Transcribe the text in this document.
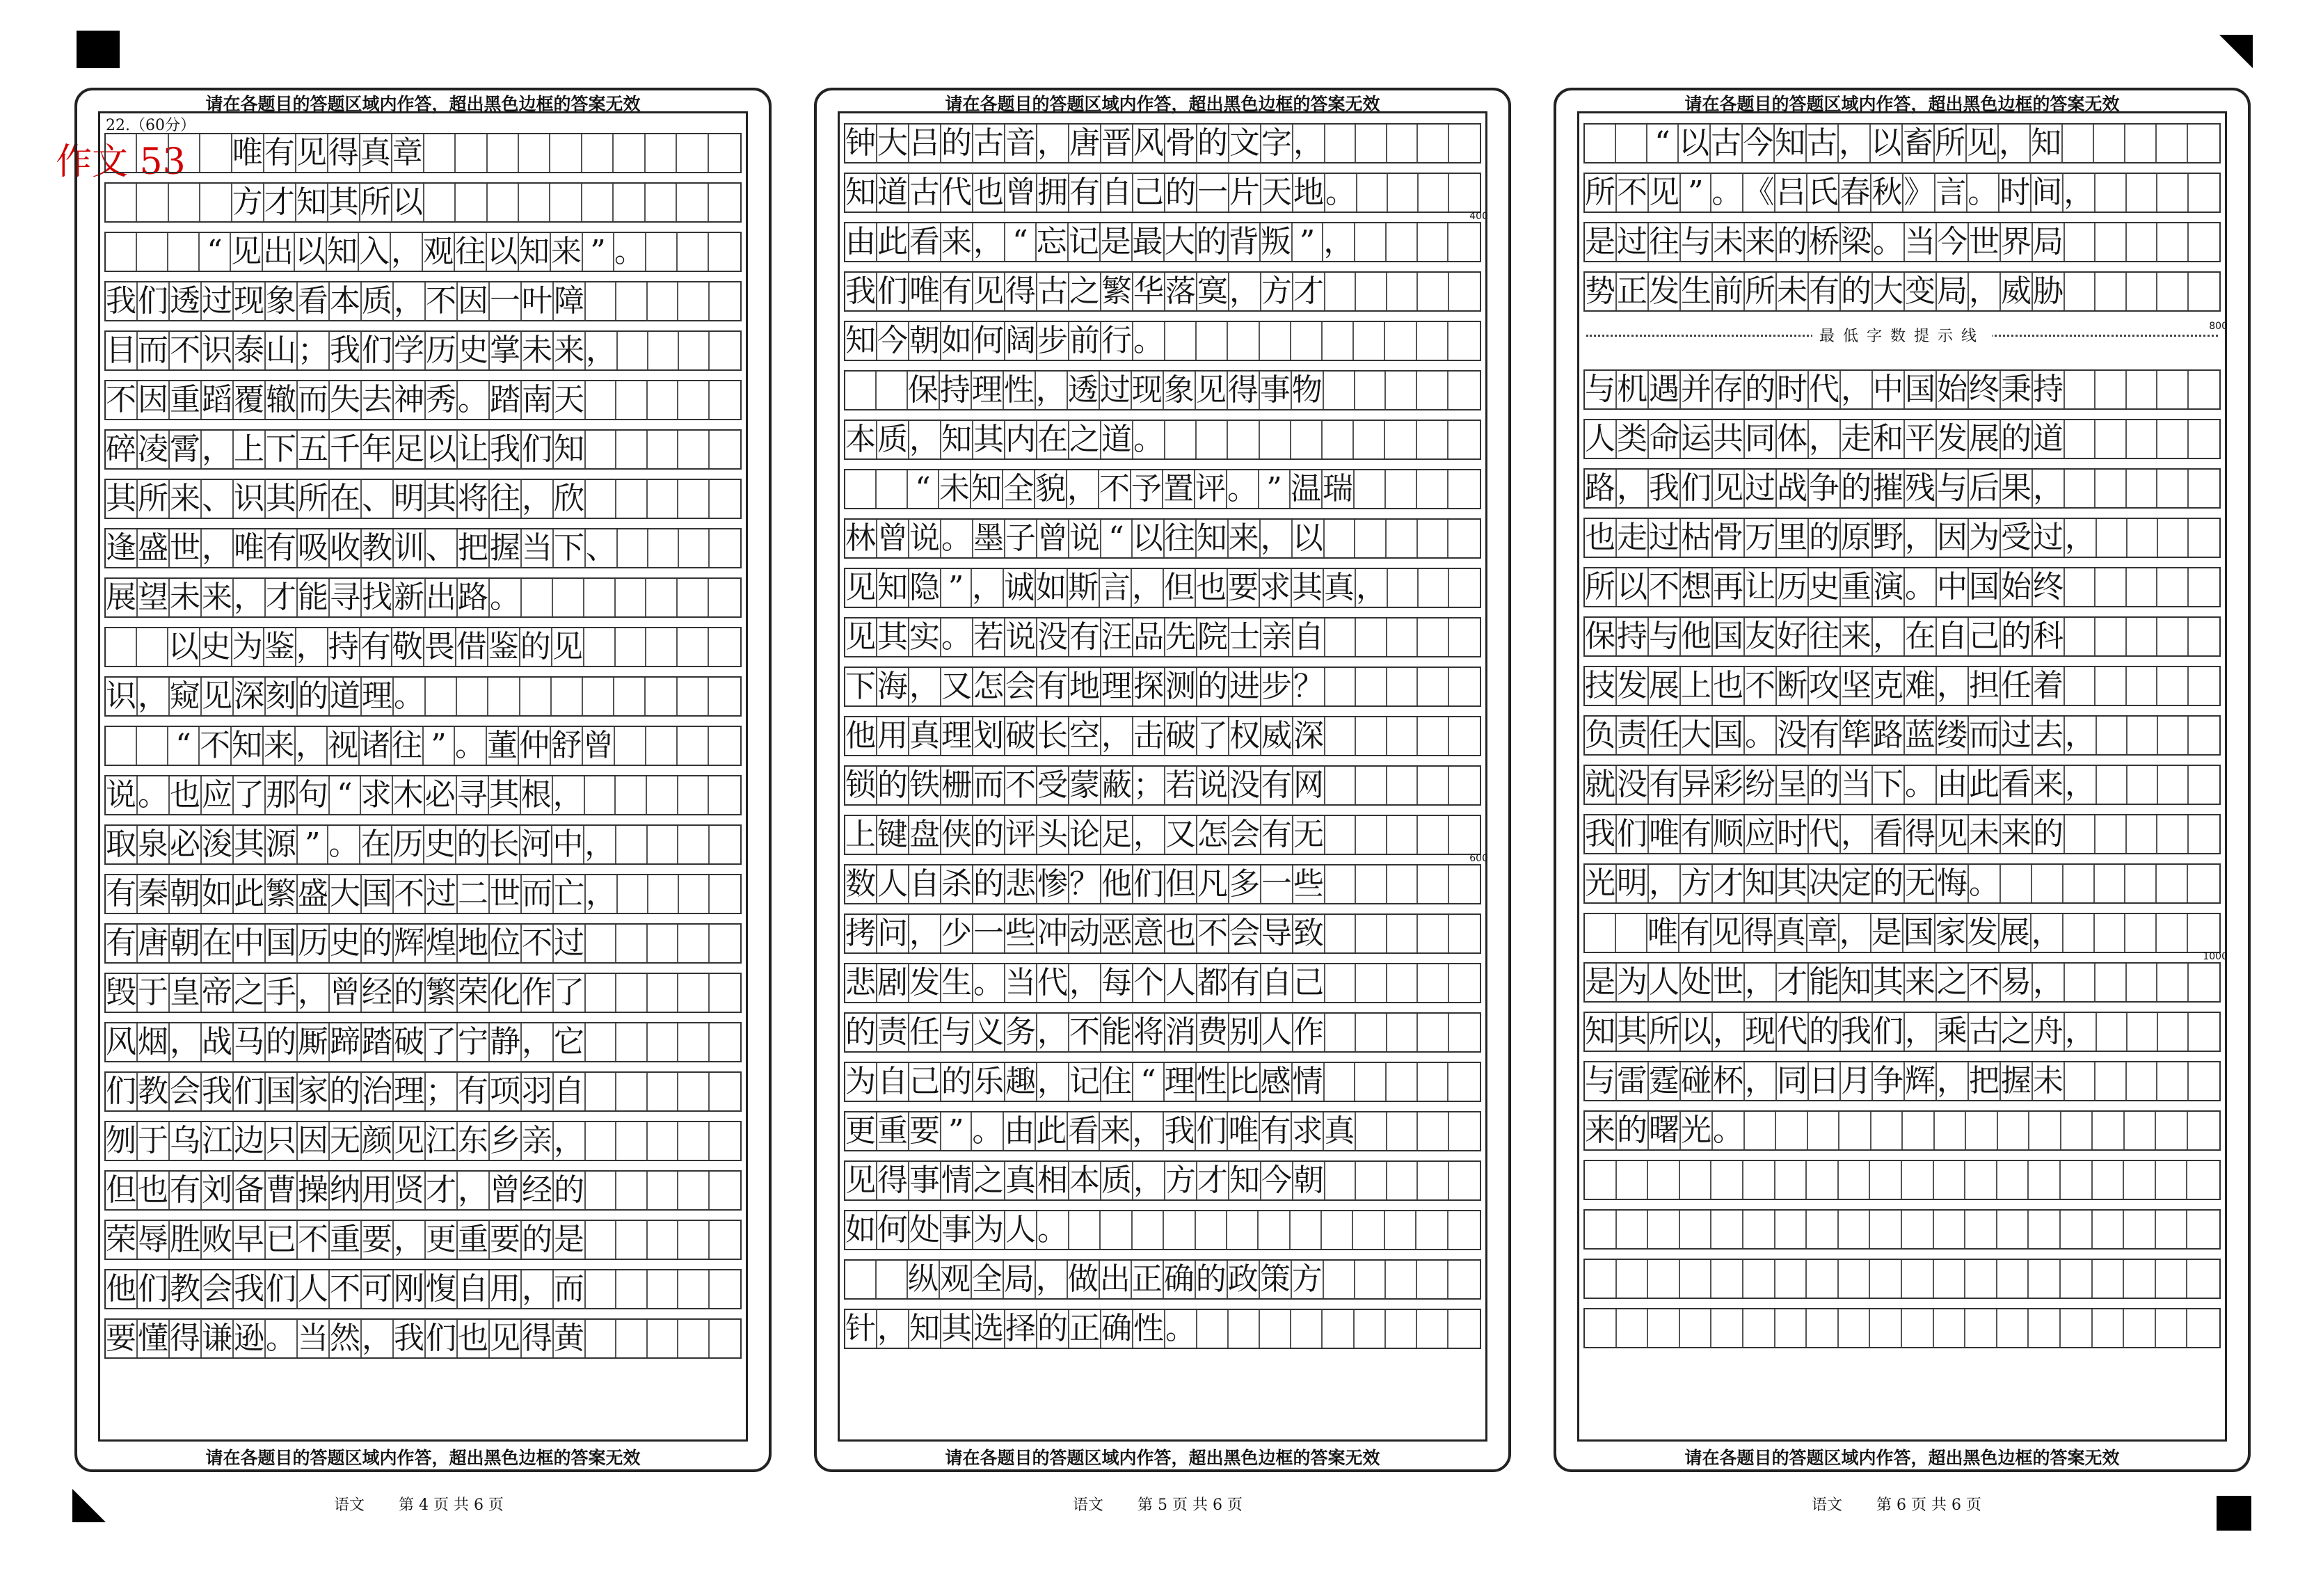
作文 53
请在各题目的答题区域内作答，超出黑色边框的答案无效
22.（60分）
唯 有 见 得 真 章
方 才 知 其 所 以
“ 见 出 以 知 入 ， 观 往 以 知 来 ” 。
我 们 透 过 现 象 看 本 质 ， 不 因 一 叶 障
目 而 不 识 泰 山 ； 我 们 学 历 史 掌 未 来 ，
不 因 重 蹈 覆 辙 而 失 去 神 秀 。 踏 南 天
碎 凌 霄 ， 上 下 五 千 年 足 以 让 我 们 知
其 所 来 、 识 其 所 在 、 明 其 将 往 ， 欣
逢 盛 世 ， 唯 有 吸 收 教 训 、 把 握 当 下 、
展 望 未 来 ， 才 能 寻 找 新 出 路 。
以 史 为 鉴 ， 持 有 敬 畏 借 鉴 的 见
识 ， 窥 见 深 刻 的 道 理 。
“ 不 知 来 ， 视 诸 往 ” 。 董 仲 舒 曾
说 。 也 应 了 那 句 “ 求 木 必 寻 其 根 ，
取 泉 必 浚 其 源 ” 。 在 历 史 的 长 河 中 ，
有 秦 朝 如 此 繁 盛 大 国 不 过 二 世 而 亡 ，
有 唐 朝 在 中 国 历 史 的 辉 煌 地 位 不 过
毁 于 皇 帝 之 手 ， 曾 经 的 繁 荣 化 作 了
风 烟 ， 战 马 的 厮 蹄 踏 破 了 宁 静 ， 它
们 教 会 我 们 国 家 的 治 理 ； 有 项 羽 自
刎 于 乌 江 边 只 因 无 颜 见 江 东 乡 亲 ，
但 也 有 刘 备 曹 操 纳 用 贤 才 ， 曾 经 的
荣 辱 胜 败 早 已 不 重 要 ， 更 重 要 的 是
他 们 教 会 我 们 人 不 可 刚 愎 自 用 ， 而
要 懂 得 谦 逊 。 当 然 ， 我 们 也 见 得 黄
请在各题目的答题区域内作答，超出黑色边框的答案无效
请在各题目的答题区域内作答，超出黑色边框的答案无效
钟 大 吕 的 古 音 ， 唐 晋 风 骨 的 文 字 ，
知 道 古 代 也 曾 拥 有 自 己 的 一 片 天 地 。
由 此 看 来 ， “ 忘 记 是 最 大 的 背 叛 ” ，
我 们 唯 有 见 得 古 之 繁 华 落 寞 ， 方 才
知 今 朝 如 何 阔 步 前 行 。
保 持 理 性 ， 透 过 现 象 见 得 事 物
本 质 ， 知 其 内 在 之 道 。
“ 未 知 全 貌 ， 不 予 置 评 。 ” 温 瑞
林 曾 说 。 墨 子 曾 说 “ 以 往 知 来 ， 以
见 知 隐 ” ， 诚 如 斯 言 ， 但 也 要 求 其 真 ，
见 其 实 。 若 说 没 有 汪 品 先 院 士 亲 自
下 海 ， 又 怎 会 有 地 理 探 测 的 进 步 ？
他 用 真 理 划 破 长 空 ， 击 破 了 权 威 深
锁 的 铁 栅 而 不 受 蒙 蔽 ； 若 说 没 有 网
上 键 盘 侠 的 评 头 论 足 ， 又 怎 会 有 无
数 人 自 杀 的 悲 惨 ？ 他 们 但 凡 多 一 些
拷 问 ， 少 一 些 冲 动 恶 意 也 不 会 导 致
悲 剧 发 生 。 当 代 ， 每 个 人 都 有 自 己
的 责 任 与 义 务 ， 不 能 将 消 费 别 人 作
为 自 己 的 乐 趣 ， 记 住 “ 理 性 比 感 情
更 重 要 ” 。 由 此 看 来 ， 我 们 唯 有 求 真
见 得 事 情 之 真 相 本 质 ， 方 才 知 今 朝
如 何 处 事 为 人 。
纵 观 全 局 ， 做 出 正 确 的 政 策 方
针 ， 知 其 选 择 的 正 确 性 。
400
600
请在各题目的答题区域内作答，超出黑色边框的答案无效
请在各题目的答题区域内作答，超出黑色边框的答案无效
“ 以 古 今 知 古 ， 以 畜 所 见 ， 知
所 不 见 ” 。 《 吕 氏 春 秋 》 言 。 时 间 ，
是 过 往 与 未 来 的 桥 梁 。 当 今 世 界 局
势 正 发 生 前 所 未 有 的 大 变 局 ， 威 胁
最低字数提示线
800
与 机 遇 并 存 的 时 代 ， 中 国 始 终 秉 持
人 类 命 运 共 同 体 ， 走 和 平 发 展 的 道
路 ， 我 们 见 过 战 争 的 摧 残 与 后 果 ，
也 走 过 枯 骨 万 里 的 原 野 ， 因 为 受 过 ，
所 以 不 想 再 让 历 史 重 演 。 中 国 始 终
保 持 与 他 国 友 好 往 来 ， 在 自 己 的 科
技 发 展 上 也 不 断 攻 坚 克 难 ， 担 任 着
负 责 任 大 国 。 没 有 筚 路 蓝 缕 而 过 去 ，
就 没 有 异 彩 纷 呈 的 当 下 。 由 此 看 来 ，
我 们 唯 有 顺 应 时 代 ， 看 得 见 未 来 的
光 明 ， 方 才 知 其 决 定 的 无 悔 。
唯 有 见 得 真 章 ， 是 国 家 发 展 ，
是 为 人 处 世 ， 才 能 知 其 来 之 不 易 ，
知 其 所 以 ， 现 代 的 我 们 ， 乘 古 之 舟 ，
与 雷 霆 碰 杯 ， 同 日 月 争 辉 ， 把 握 未
来 的 曙 光 。
1000
请在各题目的答题区域内作答，超出黑色边框的答案无效
语文 第 4 页 共 6 页	语文 第 5 页 共 6 页	语文 第 6 页 共 6 页
